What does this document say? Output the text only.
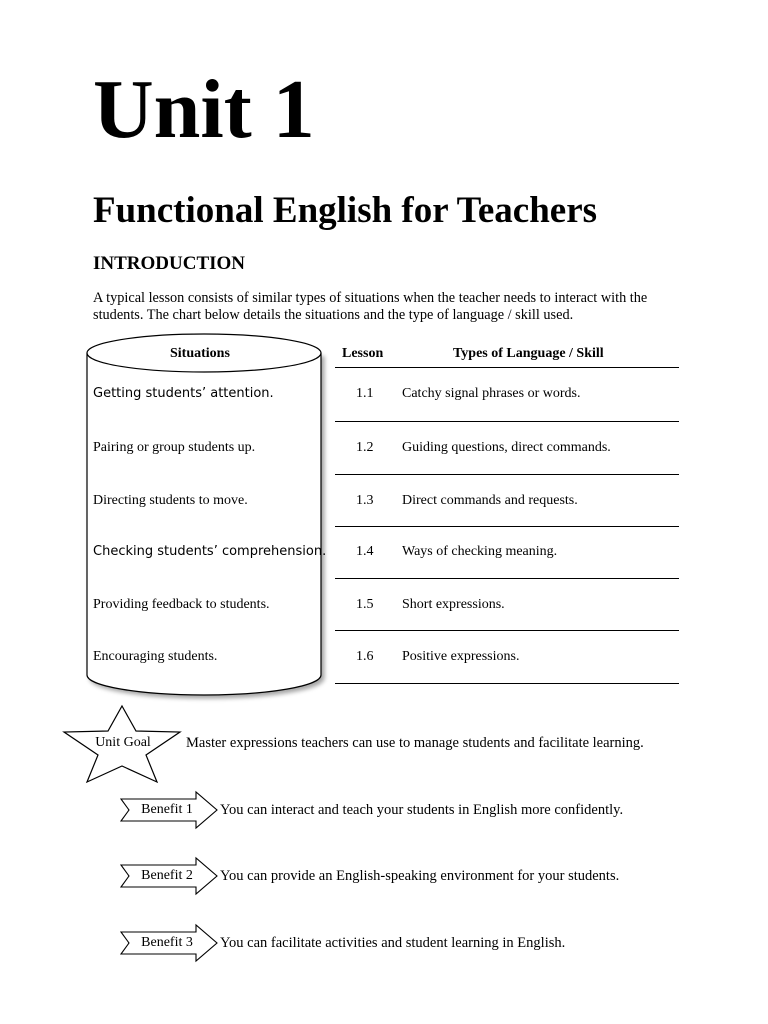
Unit 1
Functional English for Teachers
INTRODUCTION
A typical lesson consists of similar types of situations when the teacher needs to interact with the students. The chart below details the situations and the type of language / skill used.
Situations	Lesson	Types of Language / Skill
Getting students’ attention.	1.1 Catchy signal phrases or words.
Pairing or group students up.	1.2 Guiding questions, direct commands.
Directing students to move.	1.3 Direct commands and requests.
Checking students’ comprehension. 1.4 Ways of checking meaning.
Providing feedback to students.	1.5 Short expressions.
Encouraging students.	1.6 Positive expressions.
Unit Goal	Master expressions teachers can use to manage students and facilitate learning.
Benefit 1	You can interact and teach your students in English more confidently.
Benefit 2	You can provide an English-speaking environment for your students.
Benefit 3	You can facilitate activities and student learning in English.
